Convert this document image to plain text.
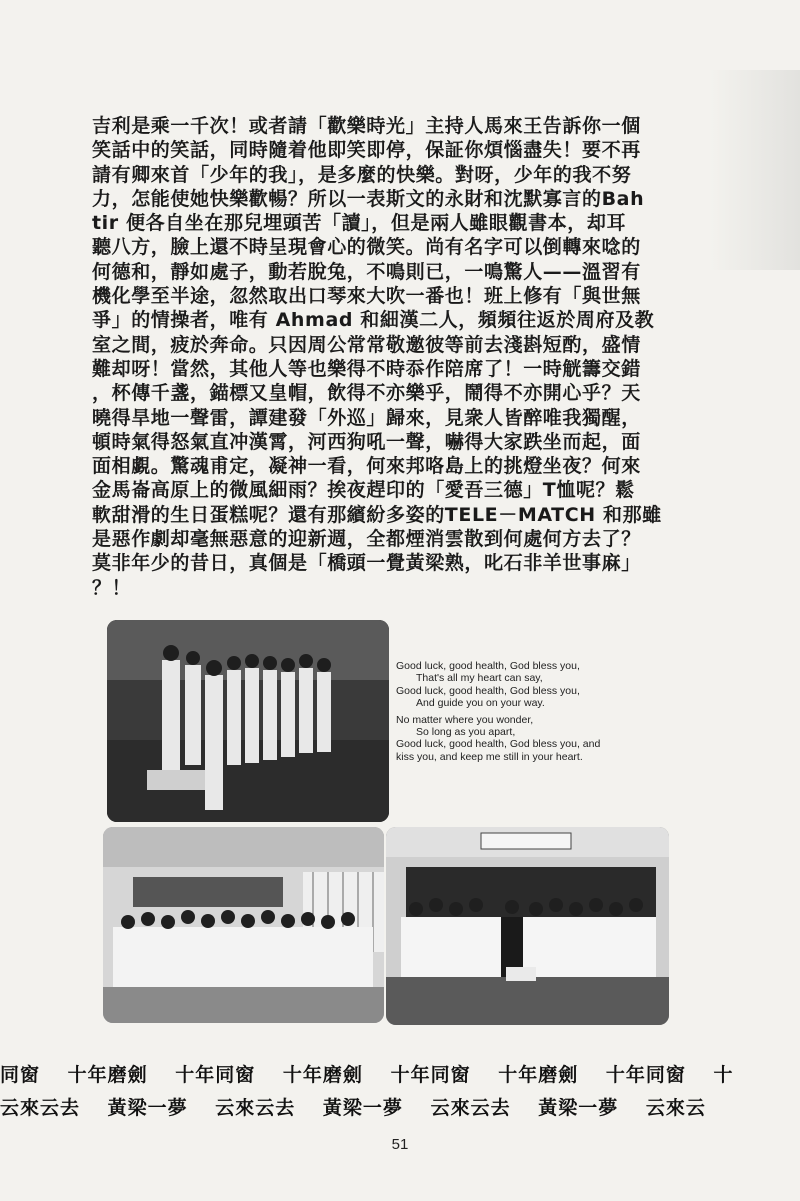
吉利是乘一千次！或者請「歡樂時光」主持人馬來王告訴你一個
笑話中的笑話，同時隨着他即笑即停，保証你煩惱盡失！要不再
請有卿來首「少年的我」，是多麼的快樂。對呀，少年的我不努
力，怎能使她快樂歡暢？所以一表斯文的永財和沈默寡言的Bah
tir 便各自坐在那兒埋頭苦「讀」，但是兩人雖眼觀書本，却耳
聽八方，臉上還不時呈現會心的微笑。尚有名字可以倒轉來唸的
何德和，靜如處子，動若脫兔，不鳴則已，一鳴驚人——溫習有
機化學至半途，忽然取出口琴來大吹一番也！班上修有「與世無
爭」的情操者，唯有 Ahmad 和細漢二人，頻頻往返於周府及教
室之間，疲於奔命。只因周公常常敬邀彼等前去淺斟短酌，盛情
難却呀！當然，其他人等也樂得不時忝作陪席了！一時觥籌交錯
，杯傳千盞，錨標又皇帽，飲得不亦樂乎，鬧得不亦開心乎？天
曉得旱地一聲雷，譚建發「外巡」歸來，見衆人皆醉唯我獨醒，
頓時氣得怒氣直冲漢霄，河西狗吼一聲，嚇得大家跌坐而起，面
面相覷。驚魂甫定，凝神一看，何來邦咯島上的挑燈坐夜？何來
金馬崙高原上的微風細雨？挨夜趕印的「愛吾三德」T恤呢？鬆
軟甜滑的生日蛋糕呢？還有那繽紛多姿的TELE－MATCH 和那雖
是惡作劇却毫無惡意的迎新週，全都煙消雲散到何處何方去了？
莫非年少的昔日，真個是「橋頭一覺黃梁熟，叱石非羊世事麻」
？！
Good luck, good health, God bless you,
That's all my heart can say,
Good luck, good health, God bless you,
And guide you on your way.
No matter where you wonder,
So long as you apart,
Good luck, good health, God bless you, and
kiss you, and keep me still in your heart.
同窗 十年磨劍 十年同窗 十年磨劍 十年同窗 十年磨劍 十年同窗 十
云來云去 黃梁一夢 云來云去 黃梁一夢 云來云去 黃梁一夢 云來云
51
